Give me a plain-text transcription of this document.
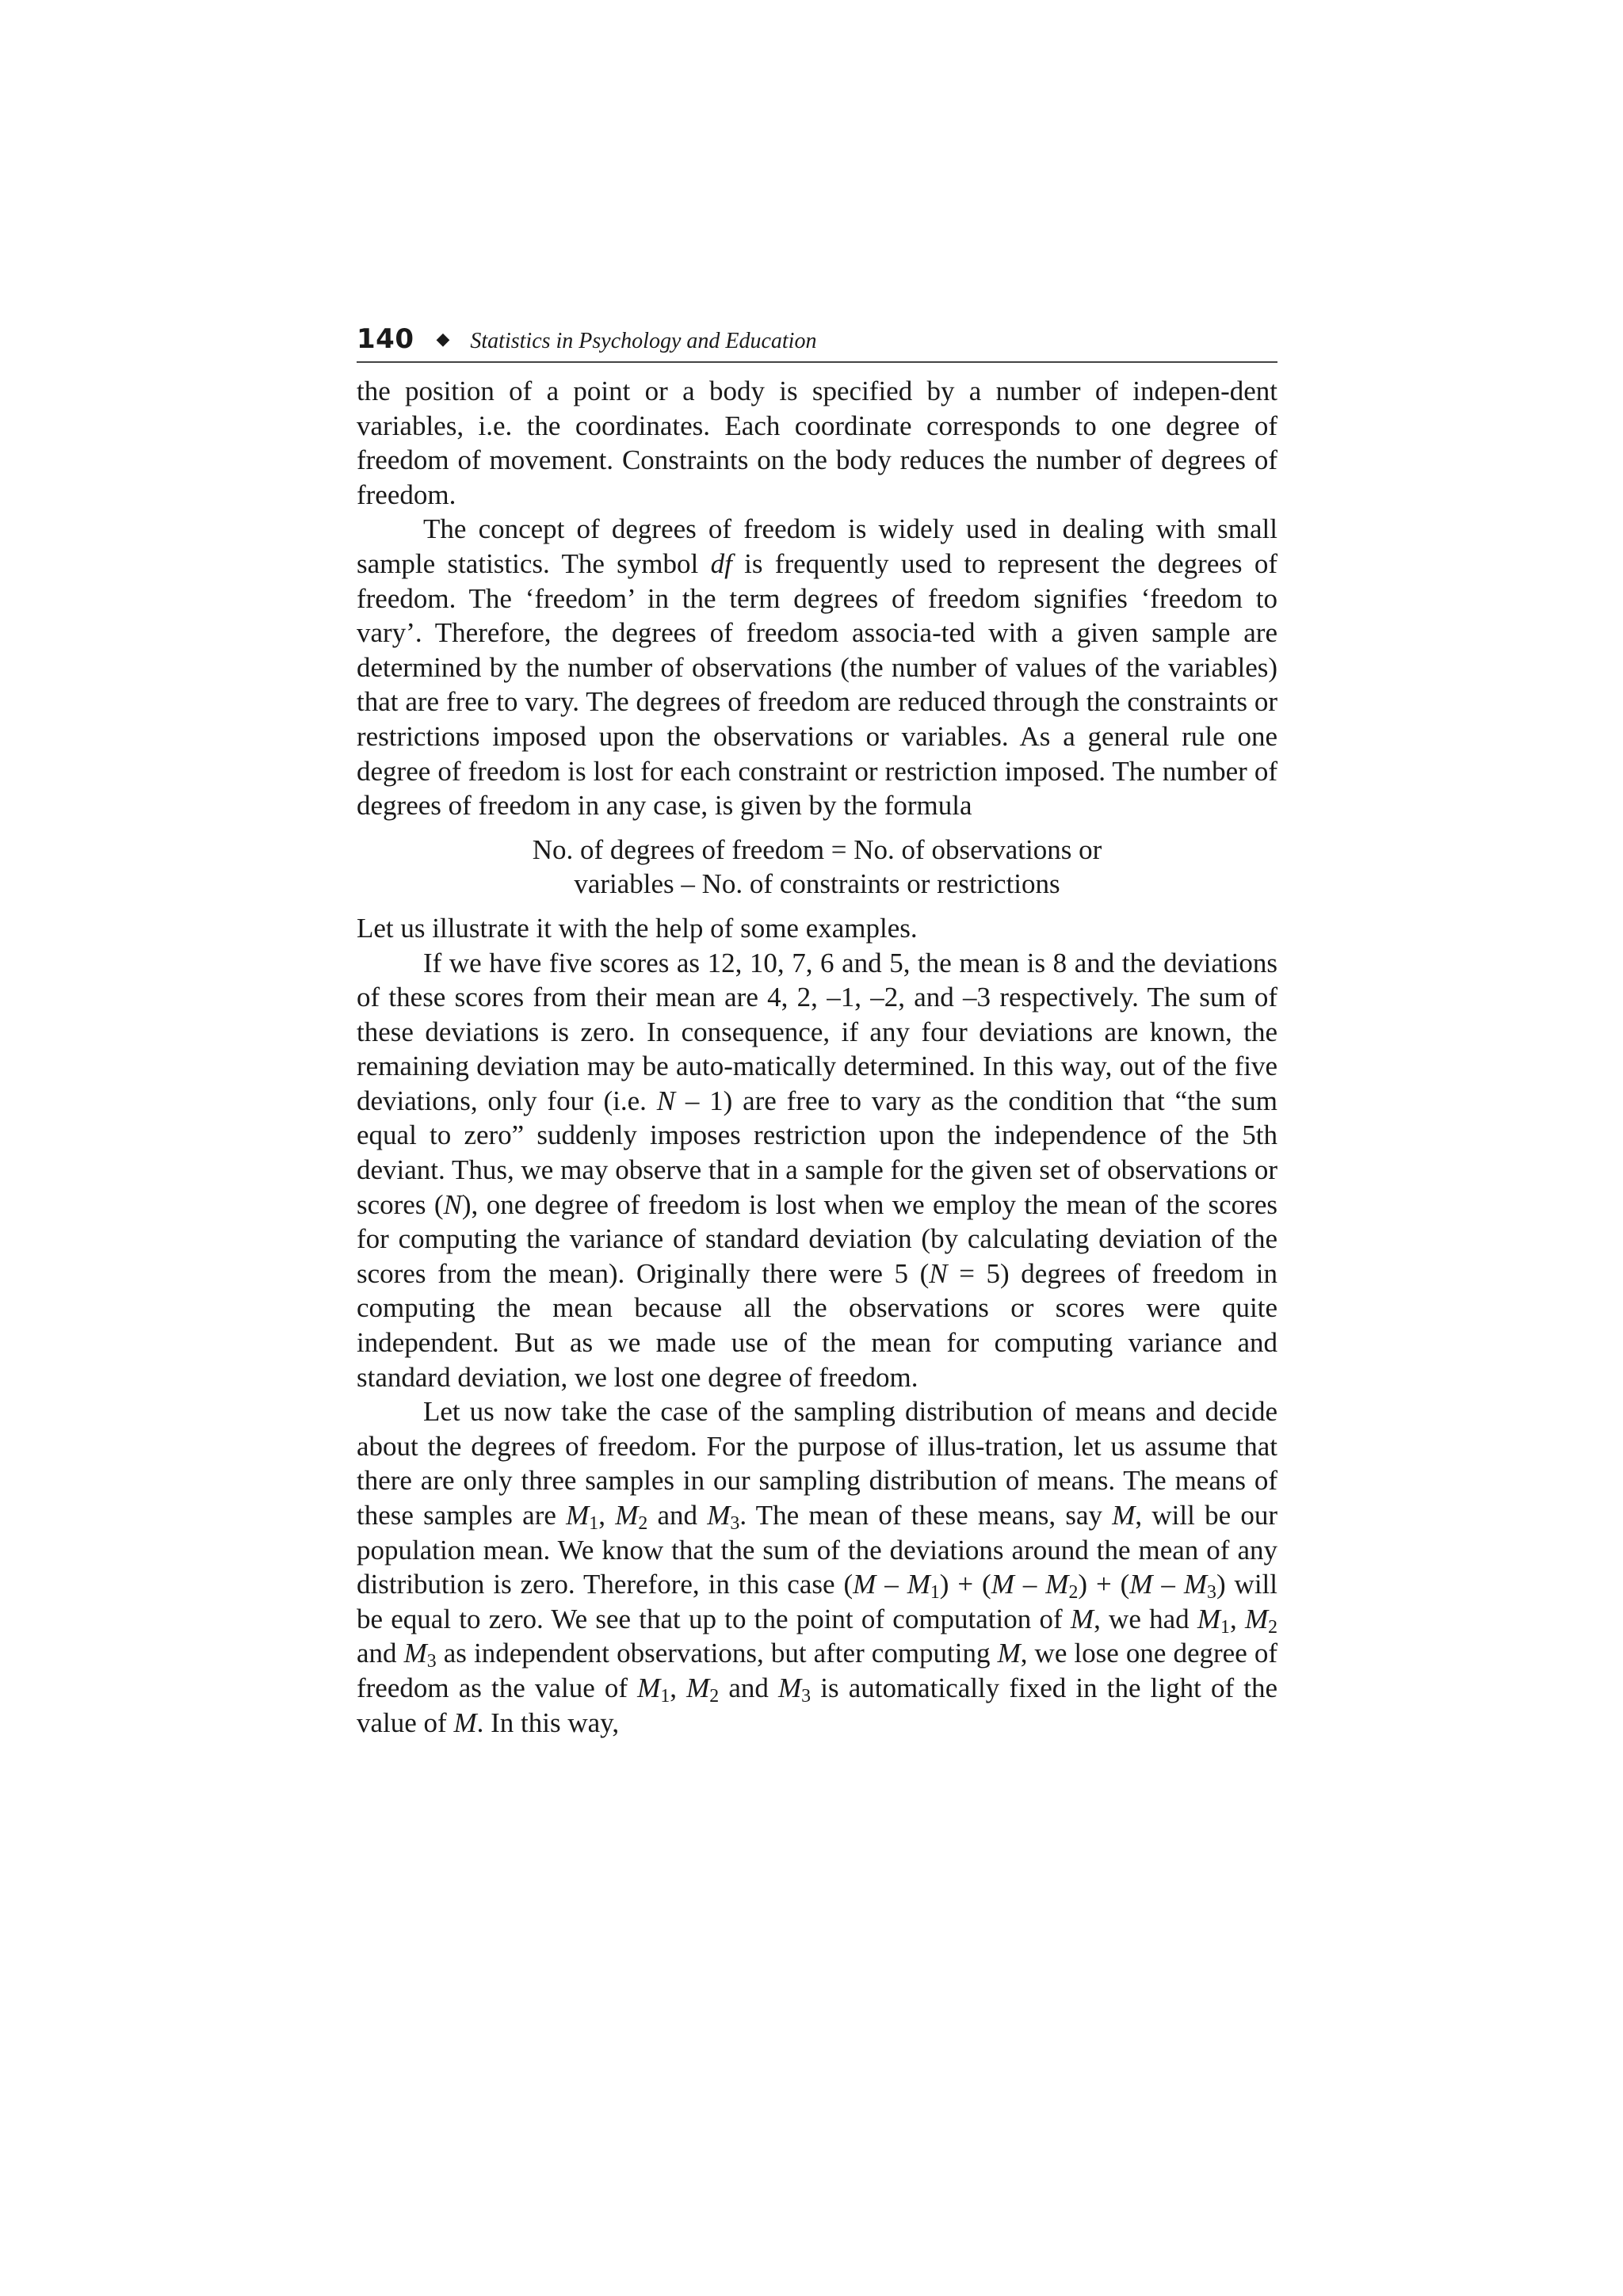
140 ◆ Statistics in Psychology and Education

the position of a point or a body is specified by a number of indepen-dent variables, i.e. the coordinates. Each coordinate corresponds to one degree of freedom of movement. Constraints on the body reduces the number of degrees of freedom.

The concept of degrees of freedom is widely used in dealing with small sample statistics. The symbol df is frequently used to represent the degrees of freedom. The ‘freedom’ in the term degrees of freedom signifies ‘freedom to vary’. Therefore, the degrees of freedom associa-ted with a given sample are determined by the number of observations (the number of values of the variables) that are free to vary. The degrees of freedom are reduced through the constraints or restrictions imposed upon the observations or variables. As a general rule one degree of freedom is lost for each constraint or restriction imposed. The number of degrees of freedom in any case, is given by the formula

No. of degrees of freedom = No. of observations or
variables – No. of constraints or restrictions

Let us illustrate it with the help of some examples.

If we have five scores as 12, 10, 7, 6 and 5, the mean is 8 and the deviations of these scores from their mean are 4, 2, –1, –2, and –3 respectively. The sum of these deviations is zero. In consequence, if any four deviations are known, the remaining deviation may be auto-matically determined. In this way, out of the five deviations, only four (i.e. N – 1) are free to vary as the condition that “the sum equal to zero” suddenly imposes restriction upon the independence of the 5th deviant. Thus, we may observe that in a sample for the given set of observations or scores (N), one degree of freedom is lost when we employ the mean of the scores for computing the variance of standard deviation (by calculating deviation of the scores from the mean). Originally there were 5 (N = 5) degrees of freedom in computing the mean because all the observations or scores were quite independent. But as we made use of the mean for computing variance and standard deviation, we lost one degree of freedom.

Let us now take the case of the sampling distribution of means and decide about the degrees of freedom. For the purpose of illus-tration, let us assume that there are only three samples in our sampling distribution of means. The means of these samples are $M_1$, $M_2$ and $M_3$. The mean of these means, say M, will be our population mean. We know that the sum of the deviations around the mean of any distribution is zero. Therefore, in this case $(M - M_1) + (M - M_2) + (M - M_3)$ will be equal to zero. We see that up to the point of computation of M, we had $M_1$, $M_2$ and $M_3$ as independent observations, but after computing M, we lose one degree of freedom as the value of $M_1$, $M_2$ and $M_3$ is automatically fixed in the light of the value of M. In this way,
